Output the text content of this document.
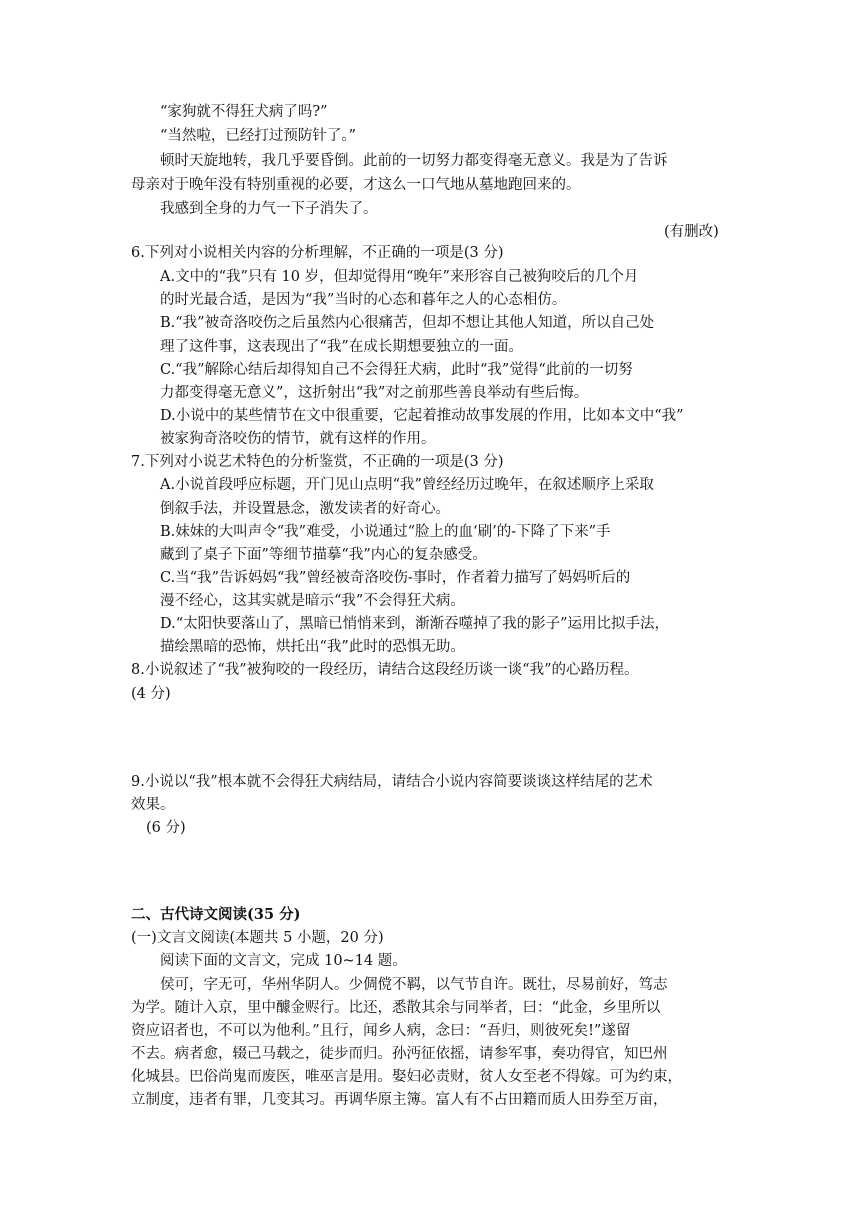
“家狗就不得狂犬病了吗?”
“当然啦，已经打过预防针了。”
顿时天旋地转，我几乎要昏倒。此前的一切努力都变得毫无意义。我是为了告诉
母亲对于晚年没有特别重视的必要，才这么一口气地从墓地跑回来的。
我感到全身的力气一下子消失了。
(有删改)
6.下列对小说相关内容的分析理解，不正确的一项是(3 分)
A.文中的“我”只有 10 岁，但却觉得用“晚年”来形容自己被狗咬后的几个月
的时光最合适，是因为“我”当时的心态和暮年之人的心态相仿。
B.“我”被奇洛咬伤之后虽然内心很痛苦，但却不想让其他人知道，所以自己处
理了这件事，这表现出了“我”在成长期想要独立的一面。
C.“我”解除心结后却得知自己不会得狂犬病，此时“我”觉得“此前的一切努
力都变得毫无意义”，这折射出“我”对之前那些善良举动有些后悔。
D.小说中的某些情节在文中很重要，它起着推动故事发展的作用，比如本文中“我”
被家狗奇洛咬伤的情节，就有这样的作用。
7.下列对小说艺术特色的分析鉴赏，不正确的一项是(3 分)
A.小说首段呼应标题，开门见山点明“我”曾经经历过晚年，在叙述顺序上采取
倒叙手法，并设置悬念，激发读者的好奇心。
B.妹妹的大叫声令“我”难受，小说通过“脸上的血‘刷’的-下降了下来”手
藏到了桌子下面”等细节描摹“我”内心的复杂感受。
C.当“我”告诉妈妈“我”曾经被奇洛咬伤-事时，作者着力描写了妈妈听后的
漫不经心，这其实就是暗示“我”不会得狂犬病。
D.“太阳快要落山了，黑暗已悄悄来到，渐渐吞噬掉了我的影子”运用比拟手法，
描绘黑暗的恐怖，烘托出“我”此时的恐惧无助。
8.小说叙述了“我”被狗咬的一段经历，请结合这段经历谈一谈“我”的心路历程。
(4 分)
9.小说以“我”根本就不会得狂犬病结局，请结合小说内容简要谈谈这样结尾的艺术
效果。
(6 分)
二、古代诗文阅读(35 分)
(一)文言文阅读(本题共 5 小题，20 分)
阅读下面的文言文，完成 10~14 题。
侯可，字无可，华州华阴人。少倜傥不羁，以气节自许。既壮，尽易前好，笃志
为学。随计入京，里中醵金赆行。比还，悉散其余与同举者，曰：“此金，乡里所以
资应诏者也，不可以为他利。”且行，闻乡人病，念曰：“吾归，则彼死矣!”遂留
不去。病者愈，辍己马载之，徒步而归。孙沔征依摇，请参军事，奏功得官，知巴州
化城县。巴俗尚鬼而废医，唯巫言是用。娶妇必责财，贫人女至老不得嫁。可为约束，
立制度，违者有罪，几变其习。再调华原主簿。富人有不占田籍而质人田券至万亩，
